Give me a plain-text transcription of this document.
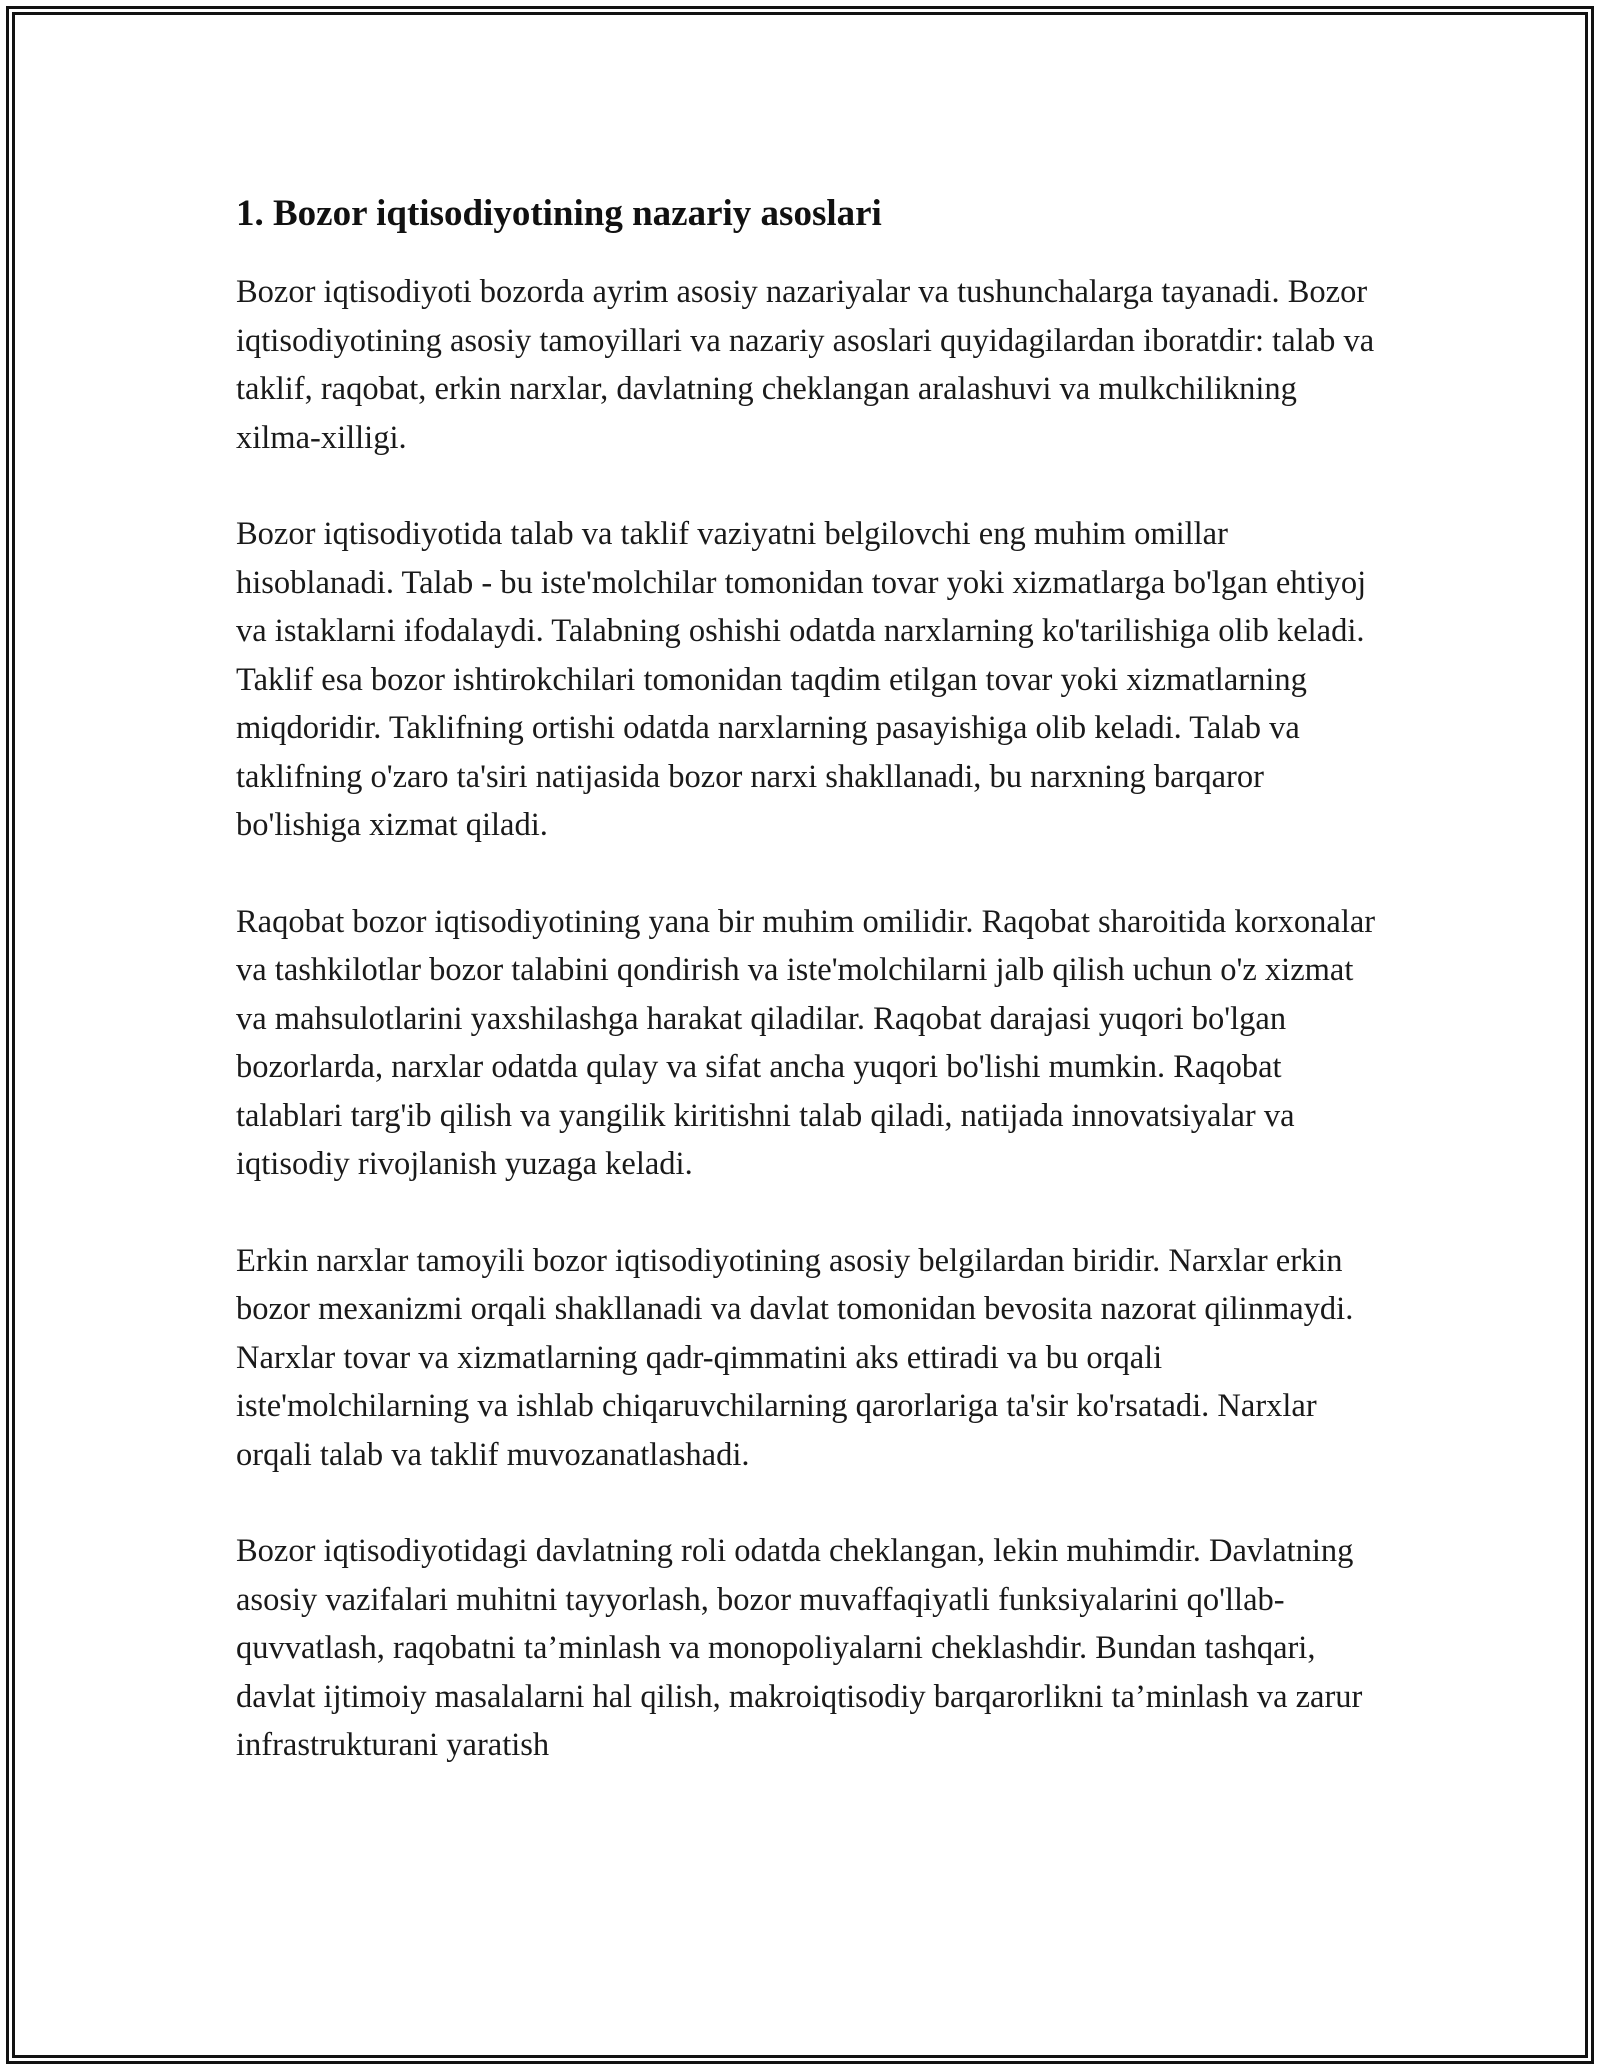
1. Bozor iqtisodiyotining nazariy asoslari

Bozor iqtisodiyoti bozorda ayrim asosiy nazariyalar va tushunchalarga tayanadi. Bozor iqtisodiyotining asosiy tamoyillari va nazariy asoslari quyidagilardan iboratdir: talab va taklif, raqobat, erkin narxlar, davlatning cheklangan aralashuvi va mulkchilikning xilma-xilligi.

Bozor iqtisodiyotida talab va taklif vaziyatni belgilovchi eng muhim omillar hisoblanadi. Talab - bu iste'molchilar tomonidan tovar yoki xizmatlarga bo'lgan ehtiyoj va istaklarni ifodalaydi. Talabning oshishi odatda narxlarning ko'tarilishiga olib keladi. Taklif esa bozor ishtirokchilari tomonidan taqdim etilgan tovar yoki xizmatlarning miqdoridir. Taklifning ortishi odatda narxlarning pasayishiga olib keladi. Talab va taklifning o'zaro ta'siri natijasida bozor narxi shakllanadi, bu narxning barqaror bo'lishiga xizmat qiladi.

Raqobat bozor iqtisodiyotining yana bir muhim omilidir. Raqobat sharoitida korxonalar va tashkilotlar bozor talabini qondirish va iste'molchilarni jalb qilish uchun o'z xizmat va mahsulotlarini yaxshilashga harakat qiladilar. Raqobat darajasi yuqori bo'lgan bozorlarda, narxlar odatda qulay va sifat ancha yuqori bo'lishi mumkin. Raqobat talablari targ'ib qilish va yangilik kiritishni talab qiladi, natijada innovatsiyalar va iqtisodiy rivojlanish yuzaga keladi.

Erkin narxlar tamoyili bozor iqtisodiyotining asosiy belgilardan biridir. Narxlar erkin bozor mexanizmi orqali shakllanadi va davlat tomonidan bevosita nazorat qilinmaydi. Narxlar tovar va xizmatlarning qadr-qimmatini aks ettiradi va bu orqali iste'molchilarning va ishlab chiqaruvchilarning qarorlariga ta'sir ko'rsatadi. Narxlar orqali talab va taklif muvozanatlashadi.

Bozor iqtisodiyotidagi davlatning roli odatda cheklangan, lekin muhimdir. Davlatning asosiy vazifalari muhitni tayyorlash, bozor muvaffaqiyatli funksiyalarini qo'llab-quvvatlash, raqobatni ta’minlash va monopoliyalarni cheklashdir. Bundan tashqari, davlat ijtimoiy masalalarni hal qilish, makroiqtisodiy barqarorlikni ta’minlash va zarur infrastrukturani yaratish
